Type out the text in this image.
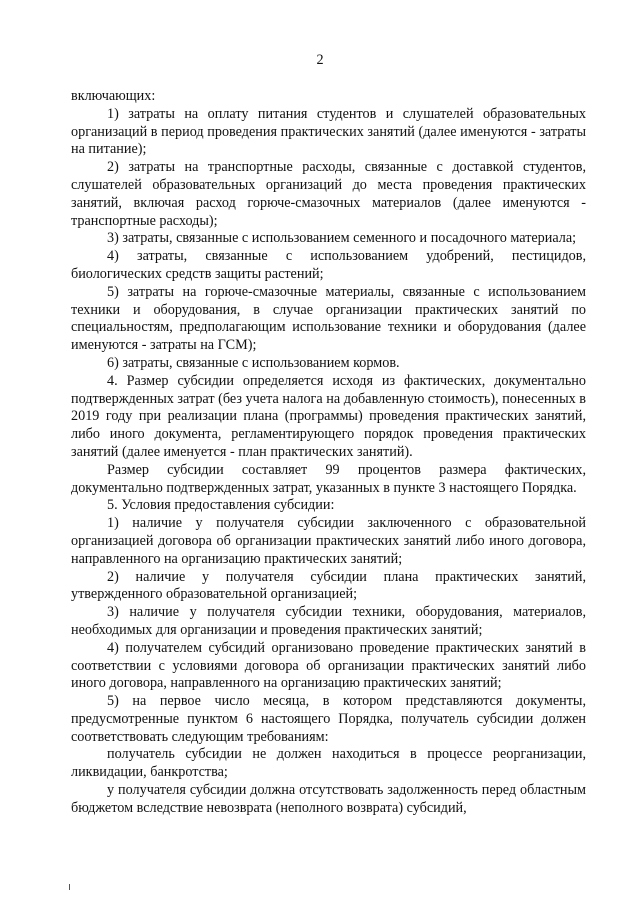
2

включающих:

1) затраты на оплату питания студентов и слушателей образовательных организаций в период проведения практических занятий (далее именуются - затраты на питание);

2) затраты на транспортные расходы, связанные с доставкой студентов, слушателей образовательных организаций до места проведения практических занятий, включая расход горюче-смазочных материалов (далее именуются - транспортные расходы);

3) затраты, связанные с использованием семенного и посадочного материала;

4) затраты, связанные с использованием удобрений, пестицидов, биологических средств защиты растений;

5) затраты на горюче-смазочные материалы, связанные с использованием техники и оборудования, в случае организации практических занятий по специальностям, предполагающим использование техники и оборудования (далее именуются - затраты на ГСМ);

6) затраты, связанные с использованием кормов.

4. Размер субсидии определяется исходя из фактических, документально подтвержденных затрат (без учета налога на добавленную стоимость), понесенных в 2019 году при реализации плана (программы) проведения практических занятий, либо иного документа, регламентирующего порядок проведения практических занятий (далее именуется - план практических занятий).

Размер субсидии составляет 99 процентов размера фактических, документально подтвержденных затрат, указанных в пункте 3 настоящего Порядка.

5. Условия предоставления субсидии:

1) наличие у получателя субсидии заключенного с образовательной организацией договора об организации практических занятий либо иного договора, направленного на организацию практических занятий;

2) наличие у получателя субсидии плана практических занятий, утвержденного образовательной организацией;

3) наличие у получателя субсидии техники, оборудования, материалов, необходимых для организации и проведения практических занятий;

4) получателем субсидий организовано проведение практических занятий в соответствии с условиями договора об организации практических занятий либо иного договора, направленного на организацию практических занятий;

5) на первое число месяца, в котором представляются документы, предусмотренные пунктом 6 настоящего Порядка, получатель субсидии должен соответствовать следующим требованиям:

получатель субсидии не должен находиться в процессе реорганизации, ликвидации, банкротства;

у получателя субсидии должна отсутствовать задолженность перед областным бюджетом вследствие невозврата (неполного возврата) субсидий,
